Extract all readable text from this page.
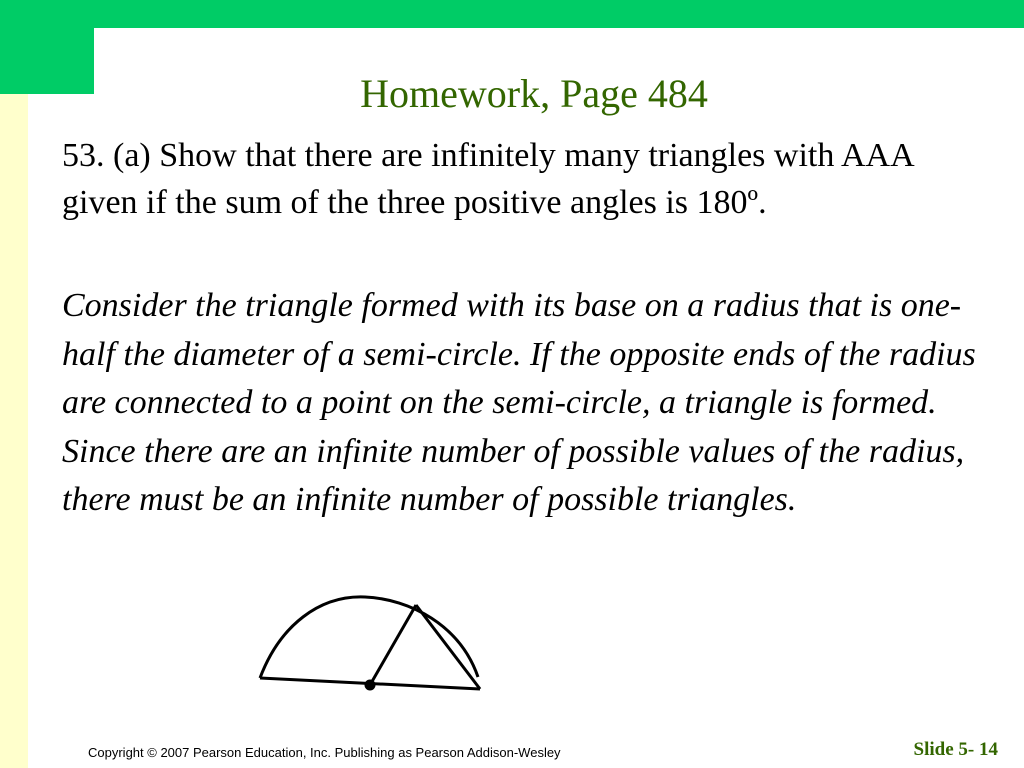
Homework, Page 484
53. (a) Show that there are infinitely many triangles with AAA given if the sum of the three positive angles is 180º.
Consider the triangle formed with its base on a radius that is one-half the diameter of a semi-circle. If the opposite ends of the radius are connected to a point on the semi-circle, a triangle is formed. Since there are an infinite number of possible values of the radius, there must be an infinite number of possible triangles.
Copyright © 2007 Pearson Education, Inc. Publishing as Pearson Addison-Wesley	Slide 5- 14
